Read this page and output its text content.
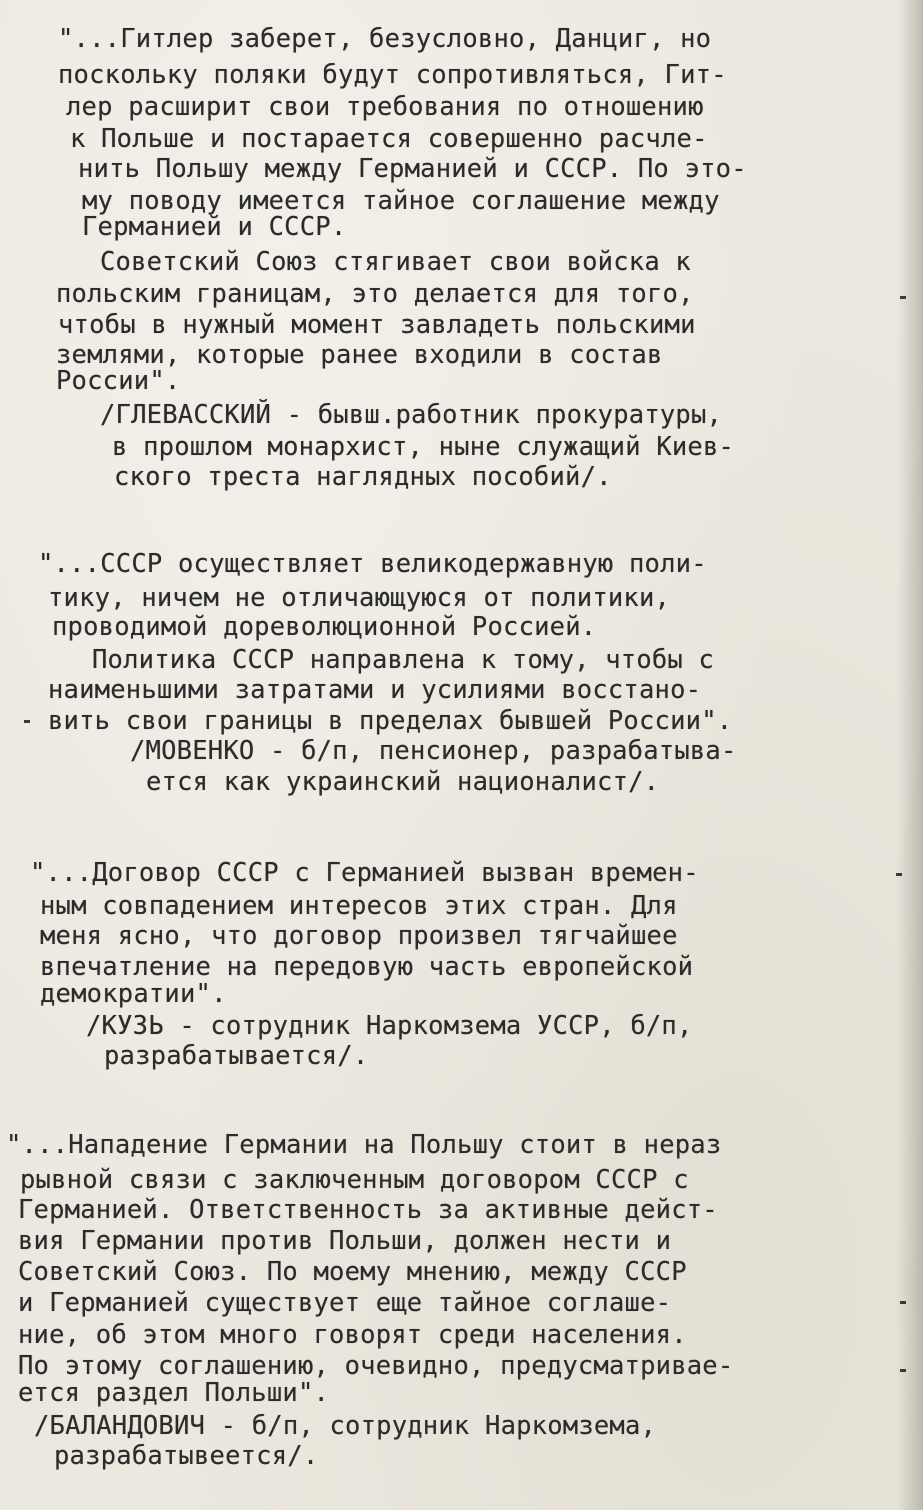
"...Гитлер заберет, безусловно, Данциг, но
поскольку поляки будут сопротивляться, Гит-
лер расширит свои требования по отношению
к Польше и постарается совершенно расчле-
нить Польшу между Германией и СССР. По это-
му поводу имеется тайное соглашение между
Германией и СССР.
Советский Союз стягивает свои войска к
польским границам, это делается для того,
чтобы в нужный момент завладеть польскими
землями, которые ранее входили в состав
России".
/ГЛЕВАССКИЙ - бывш.работник прокуратуры,
в прошлом монархист, ныне служащий Киев-
ского треста наглядных пособий/.
"...СССР осуществляет великодержавную поли-
тику, ничем не отличающуюся от политики,
проводимой дореволюционной Россией.
Политика СССР направлена к тому, чтобы с
наименьшими затратами и усилиями восстано-
вить свои границы в пределах бывшей России".
/МОВЕНКО - б/п, пенсионер, разрабатыва-
ется как украинский националист/.
"...Договор СССР с Германией вызван времен-
ным совпадением интересов этих стран. Для
меня ясно, что договор произвел тягчайшее
впечатление на передовую часть европейской
демократии".
/КУЗЬ - сотрудник Наркомзема УССР, б/п,
разрабатывается/.
"...Нападение Германии на Польшу стоит в нераз
рывной связи с заключенным договором СССР с
Германией. Ответственность за активные дейст-
вия Германии против Польши, должен нести и
Советский Союз. По моему мнению, между СССР
и Германией существует еще тайное соглаше-
ние, об этом много говорят среди населения.
По этому соглашению, очевидно, предусматривае-
ется раздел Польши".
/БАЛАНДОВИЧ - б/п, сотрудник Наркомзема,
разрабатывеется/.
